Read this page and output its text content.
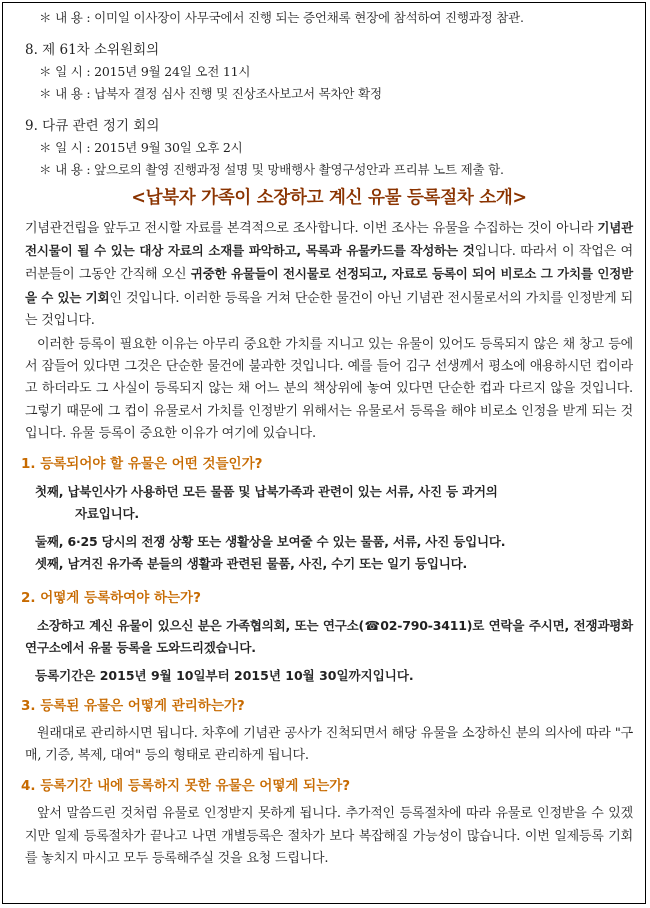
＊ 내 용 : 이미일 이사장이 사무국에서 진행 되는 증언채록 현장에 참석하여 진행과정 참관.
8. 제 61차 소위원회의
＊ 일 시 : 2015년 9월 24일 오전 11시
＊ 내 용 : 납북자 결정 심사 진행 및 진상조사보고서 목차안 확정
9. 다큐 관련 정기 회의
＊ 일 시 : 2015년 9월 30일 오후 2시
＊ 내 용 : 앞으로의 촬영 진행과정 설명 및 망배행사 촬영구성안과 프리뷰 노트 제출 함.
<납북자 가족이 소장하고 계신 유물 등록절차 소개>

기념관건립을 앞두고 전시할 자료를 본격적으로 조사합니다. 이번 조사는 유물을 수집하는 것이 아니라 기념관 전시물이 될 수 있는 대상 자료의 소재를 파악하고, 목록과 유물카드를 작성하는 것입니다. 따라서 이 작업은 여러분들이 그동안 간직해 오신 귀중한 유물들이 전시물로 선정되고, 자료로 등록이 되어 비로소 그 가치를 인정받을 수 있는 기회인 것입니다. 이러한 등록을 거쳐 단순한 물건이 아닌 기념관 전시물로서의 가치를 인정받게 되는 것입니다.

이러한 등록이 필요한 이유는 아무리 중요한 가치를 지니고 있는 유물이 있어도 등록되지 않은 채 창고 등에서 잠들어 있다면 그것은 단순한 물건에 불과한 것입니다. 예를 들어 김구 선생께서 평소에 애용하시던 컵이라고 하더라도 그 사실이 등록되지 않는 채 어느 분의 책상위에 놓여 있다면 단순한 컵과 다르지 않을 것입니다. 그렇기 때문에 그 컵이 유물로서 가치를 인정받기 위해서는 유물로서 등록을 해야 비로소 인정을 받게 되는 것입니다. 유물 등록이 중요한 이유가 여기에 있습니다.

1. 등록되어야 할 유물은 어떤 것들인가?
첫째, 납북인사가 사용하던 모든 물품 및 납북가족과 관련이 있는 서류, 사진 등 과거의
자료입니다.
둘째, 6·25 당시의 전쟁 상황 또는 생활상을 보여줄 수 있는 물품, 서류, 사진 등입니다.
셋째, 남겨진 유가족 분들의 생활과 관련된 물품, 사진, 수기 또는 일기 등입니다.
2. 어떻게 등록하여야 하는가?

소장하고 계신 유물이 있으신 분은 가족협의회, 또는 연구소(☎02-790-3411)로 연락을 주시면, 전쟁과평화연구소에서 유물 등록을 도와드리겠습니다.

등록기간은 2015년 9월 10일부터 2015년 10월 30일까지입니다.

3. 등록된 유물은 어떻게 관리하는가?

원래대로 관리하시면 됩니다. 차후에 기념관 공사가 진척되면서 해당 유물을 소장하신 분의 의사에 따라 "구매, 기증, 복제, 대여" 등의 형태로 관리하게 됩니다.

4. 등록기간 내에 등록하지 못한 유물은 어떻게 되는가?

앞서 말씀드린 것처럼 유물로 인정받지 못하게 됩니다. 추가적인 등록절차에 따라 유물로 인정받을 수 있겠지만 일제 등록절차가 끝나고 나면 개별등록은 절차가 보다 복잡해질 가능성이 많습니다. 이번 일제등록 기회를 놓치지 마시고 모두 등록해주실 것을 요청 드립니다.
